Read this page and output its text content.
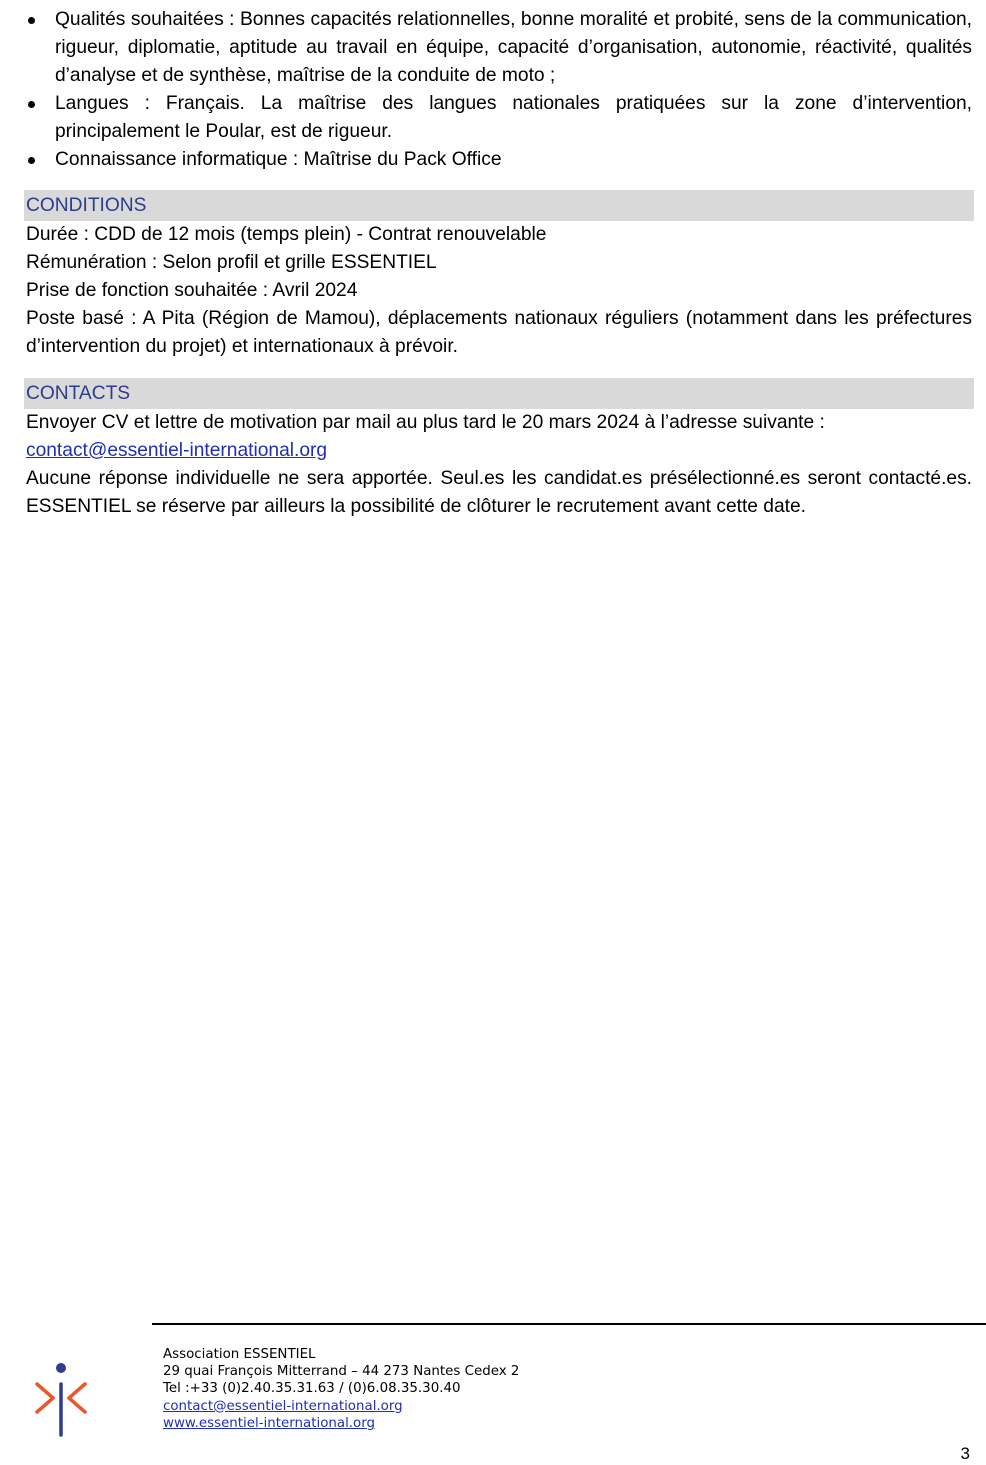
Qualités souhaitées : Bonnes capacités relationnelles, bonne moralité et probité, sens de la communication, rigueur, diplomatie, aptitude au travail en équipe, capacité d’organisation, autonomie, réactivité, qualités d’analyse et de synthèse, maîtrise de la conduite de moto ;
Langues : Français. La maîtrise des langues nationales pratiquées sur la zone d’intervention, principalement le Poular, est de rigueur.
Connaissance informatique : Maîtrise du Pack Office
CONDITIONS

Durée : CDD de 12 mois (temps plein) - Contrat renouvelable

Rémunération : Selon profil et grille ESSENTIEL

Prise de fonction souhaitée : Avril 2024

Poste basé : A Pita (Région de Mamou), déplacements nationaux réguliers (notamment dans les préfectures d’intervention du projet) et internationaux à prévoir.

CONTACTS

Envoyer CV et lettre de motivation par mail au plus tard le 20 mars 2024 à l’adresse suivante :

contact@essentiel-international.org

Aucune réponse individuelle ne sera apportée. Seul.es les candidat.es présélectionné.es seront contacté.es. ESSENTIEL se réserve par ailleurs la possibilité de clôturer le recrutement avant cette date.

Association ESSENTIEL
29 quai François Mitterrand – 44 273 Nantes Cedex 2
Tel :+33 (0)2.40.35.31.63 / (0)6.08.35.30.40
contact@essentiel-international.org
www.essentiel-international.org
3
